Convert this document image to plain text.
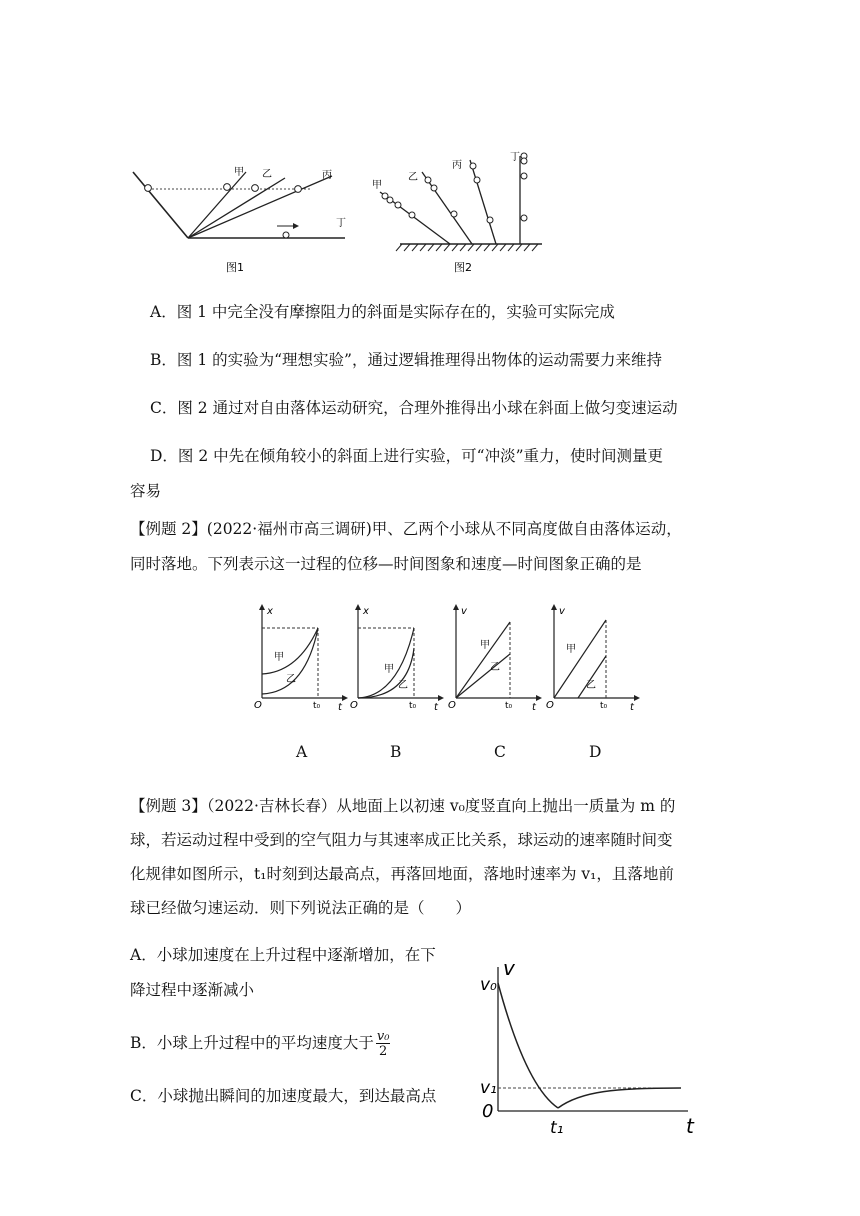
甲 乙	丙
丁
图1
甲
乙
丙
丁
图2
A．图 1 中完全没有摩擦阻力的斜面是实际存在的，实验可实际完成
B．图 1 的实验为“理想实验”，通过逻辑推理得出物体的运动需要力来维持
C．图 2 通过对自由落体运动研究，合理外推得出小球在斜面上做匀变速运动
D．图 2 中先在倾角较小的斜面上进行实验，可“冲淡”重力，使时间测量更
容易
【例题 2】(2022·福州市高三调研)甲、乙两个小球从不同高度做自由落体运动，
同时落地。下列表示这一过程的位移—时间图象和速度—时间图象正确的是
x
甲
乙
O	t₀ t
x
甲
乙
O	t₀ t
v
甲
乙
O	t₀ t
v
甲
乙
O	t₀ t
A	B	C	D
【例题 3】（2022·吉林长春）从地面上以初速 v₀度竖直向上抛出一质量为 m 的
球，若运动过程中受到的空气阻力与其速率成正比关系，球运动的速率随时间变
化规律如图所示，t₁时刻到达最高点，再落回地面，落地时速率为 v₁，且落地前
球已经做匀速运动．则下列说法正确的是（　　）
A．小球加速度在上升过程中逐渐增加，在下
降过程中逐渐减小
B．小球上升过程中的平均速度大于 $\frac{\text{v₀}}{2}$
C．小球抛出瞬间的加速度最大，到达最高点
v
v₀
v₁
0
t₁	t
